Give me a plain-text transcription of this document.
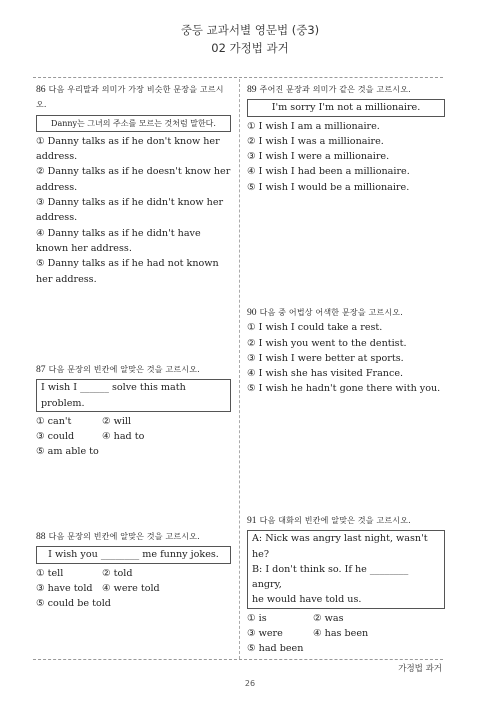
중등 교과서별 영문법 (중3)
02 가정법 과거

86 다음 우리말과 의미가 가장 비슷한 문장을 고르시오.

Danny는 그녀의 주소를 모르는 것처럼 말한다.

① Danny talks as if he don't know her address.

② Danny talks as if he doesn't know her address.

③ Danny talks as if he didn't know her address.

④ Danny talks as if he didn't have known her address.

⑤ Danny talks as if he had not known her address.

87 다음 문장의 빈칸에 알맞은 것을 고르시오.

I wish I ______ solve this math problem.
① can't	② will
③ could	④ had to

⑤ am able to

88 다음 문장의 빈칸에 알맞은 것을 고르시오.

I wish you ________ me funny jokes.
① tell	② told
③ have told ④ were told

⑤ could be told

89 주어진 문장과 의미가 같은 것을 고르시오.

I'm sorry I'm not a millionaire.

① I wish I am a millionaire.

② I wish I was a millionaire.

③ I wish I were a millionaire.

④ I wish I had been a millionaire.

⑤ I wish I would be a millionaire.

90 다음 중 어법상 어색한 문장을 고르시오.

① I wish I could take a rest.

② I wish you went to the dentist.

③ I wish I were better at sports.

④ I wish she has visited France.

⑤ I wish he hadn't gone there with you.

91 다음 대화의 빈칸에 알맞은 것을 고르시오.

A: Nick was angry last night, wasn't he?
B: I don't think so. If he ________ angry,
he would have told us.
① is	② was
③ were	④ has been

⑤ had been

가정법 과거
26
